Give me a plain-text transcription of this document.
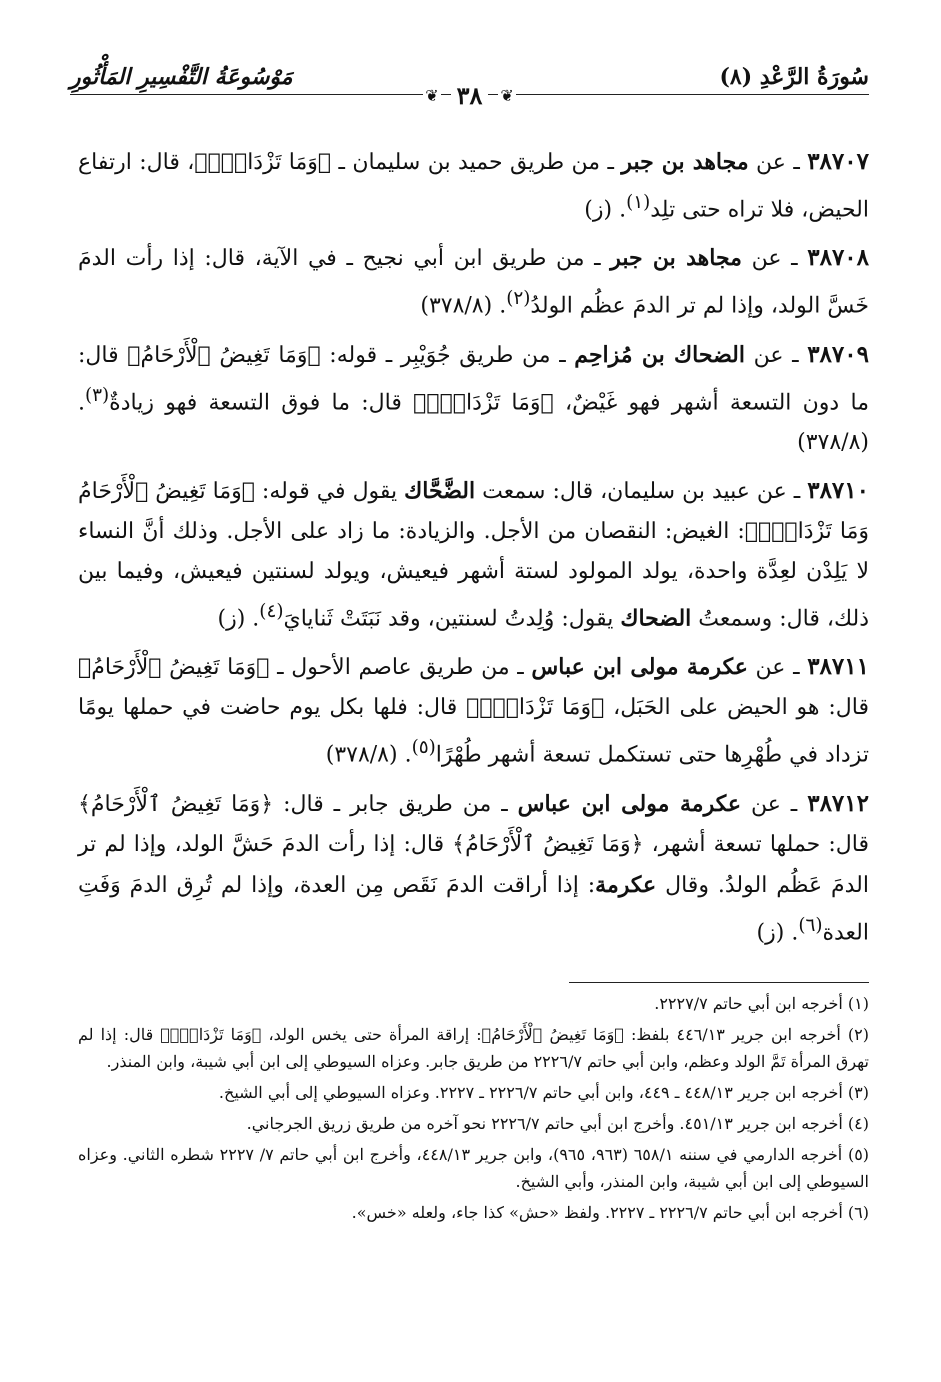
سُورَةُ الرَّعْدِ (٨)
مَوْسُوعَةُ التَّفْسِيرِ المَأْثُورِ
❦ ٣٨	❦

٣٨٧٠٧ ـ عن مجاهد بن جبر ـ من طريق حميد بن سليمان ـ ﴿وَمَا تَزْدَادُۖ﴾، قال: ارتفاع الحيض، فلا تراه حتى تلِد$^{(١)}$. (ز)

٣٨٧٠٨ ـ عن مجاهد بن جبر ـ من طريق ابن أبي نجيح ـ في الآية، قال: إذا رأت الدمَ خَسَّ الولد، وإذا لم تر الدمَ عظُم الولدُ$^{(٢)}$. (٣٧٨/٨)

٣٨٧٠٩ ـ عن الضحاك بن مُزاحِم ـ من طريق جُوَيْبِر ـ قوله: ﴿وَمَا تَغِيضُ ٱلْأَرْحَامُ﴾ قال: ما دون التسعة أشهر فهو غَيْضٌ، ﴿وَمَا تَزْدَادُۖ﴾ قال: ما فوق التسعة فهو زيادةٌ$^{(٣)}$. (٣٧٨/٨)

٣٨٧١٠ ـ عن عبيد بن سليمان، قال: سمعت الضَّحَّاك يقول في قوله: ﴿وَمَا تَغِيضُ ٱلْأَرْحَامُ وَمَا تَزْدَادُۖ﴾: الغيض: النقصان من الأجل. والزيادة: ما زاد على الأجل. وذلك أنَّ النساء لا يَلِدْن لعِدَّة واحدة، يولد المولود لستة أشهر فيعيش، ويولد لسنتين فيعيش، وفيما بين ذلك، قال: وسمعتُ الضحاك يقول: وُلِدتُ لسنتين، وقد نَبَتَتْ ثَنايايَ$^{(٤)}$. (ز)

٣٨٧١١ ـ عن عكرمة مولى ابن عباس ـ من طريق عاصم الأحول ـ ﴿وَمَا تَغِيضُ ٱلْأَرْحَامُ﴾ قال: هو الحيض على الحَبَل، ﴿وَمَا تَزْدَادُۖ﴾ قال: فلها بكل يوم حاضت في حملها يومًا تزداد في طُهْرِها حتى تستكمل تسعة أشهر طُهْرًا$^{(٥)}$. (٣٧٨/٨)

٣٨٧١٢ ـ عن عكرمة مولى ابن عباس ـ من طريق جابر ـ قال: ﴿وَمَا تَغِيضُ ٱلْأَرْحَامُ﴾ قال: حملها تسعة أشهر، ﴿وَمَا تَغِيضُ ٱلْأَرْحَامُ﴾ قال: إذا رأت الدمَ حَشَّ الولد، وإذا لم تر الدمَ عَظُم الولدُ. وقال عكرمة: إذا أراقت الدمَ نَقَص مِن العدة، وإذا لم تُرِق الدمَ وَفَتِ العدة$^{(٦)}$. (ز)

(١) أخرجه ابن أبي حاتم ٢٢٢٧/٧.

(٢) أخرجه ابن جرير ٤٤٦/١٣ بلفظ: ﴿وَمَا تَغِيضُ ٱلْأَرْحَامُ﴾: إراقة المرأة حتى يخس الولد، ﴿وَمَا تَزْدَادُۖ﴾ قال: إذا لم تهرق المرأة تَمَّ الولد وعظم، وابن أبي حاتم ٢٢٢٦/٧ من طريق جابر. وعزاه السيوطي إلى ابن أبي شيبة، وابن المنذر.

(٣) أخرجه ابن جرير ٤٤٨/١٣ ـ ٤٤٩، وابن أبي حاتم ٢٢٢٦/٧ ـ ٢٢٢٧. وعزاه السيوطي إلى أبي الشيخ.

(٤) أخرجه ابن جرير ٤٥١/١٣. وأخرج ابن أبي حاتم ٢٢٢٦/٧ نحو آخره من طريق زريق الجرجاني.

(٥) أخرجه الدارمي في سننه ٦٥٨/١ (٩٦٣، ٩٦٥)، وابن جرير ٤٤٨/١٣، وأخرج ابن أبي حاتم ٧/ ٢٢٢٧ شطره الثاني. وعزاه السيوطي إلى ابن أبي شيبة، وابن المنذر، وأبي الشيخ.

(٦) أخرجه ابن أبي حاتم ٢٢٢٦/٧ ـ ٢٢٢٧. ولفظ «حش» كذا جاء، ولعله «خس».
